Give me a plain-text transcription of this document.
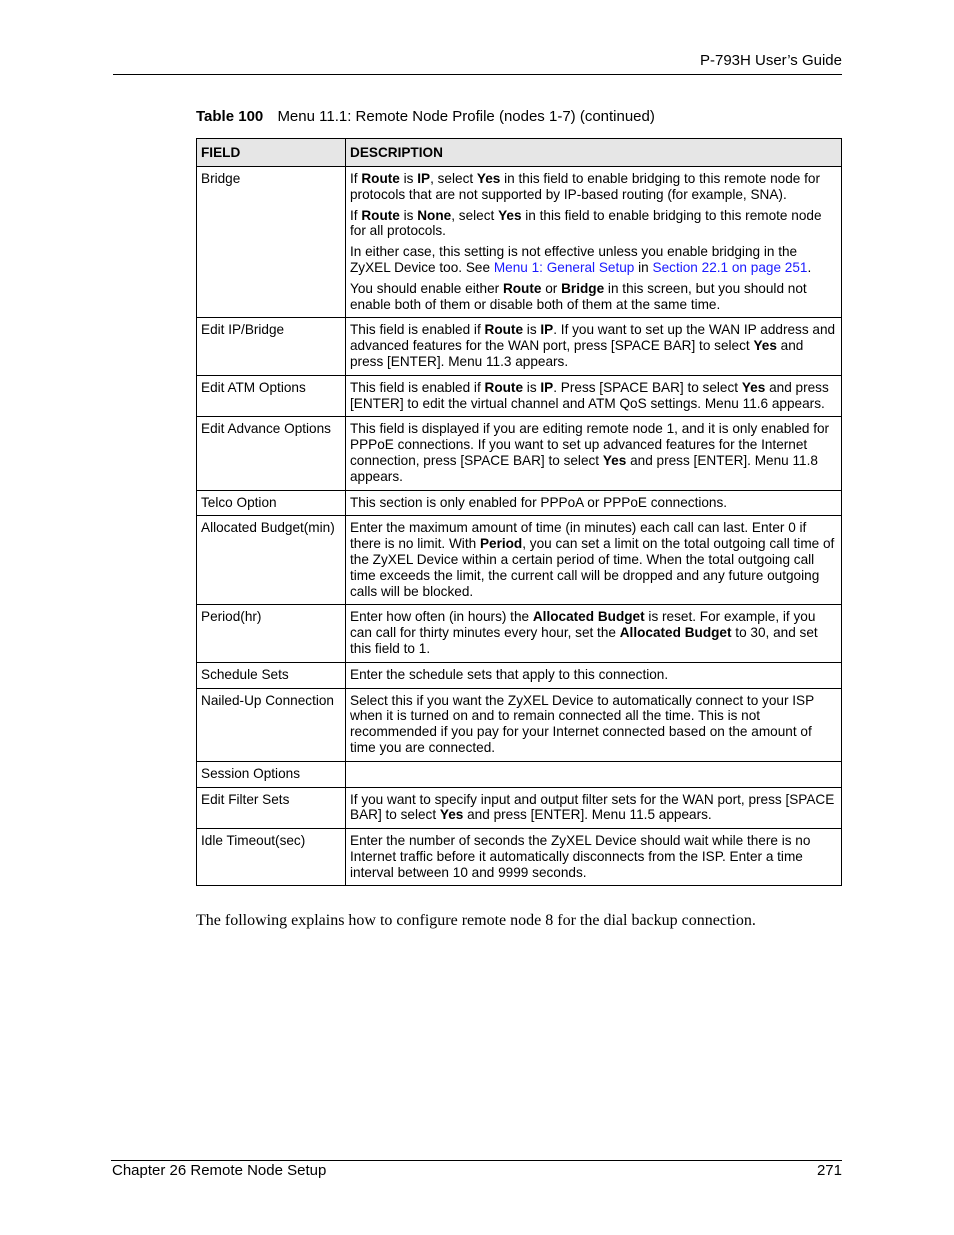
P-793H User’s Guide
Table 100 Menu 11.1: Remote Node Profile (nodes 1-7) (continued)
FIELD	DESCRIPTION
Bridge	If Route is IP, select Yes in this field to enable bridging to this remote node for protocols that are not supported by IP-based routing (for example, SNA).

If Route is None, select Yes in this field to enable bridging to this remote node for all protocols.

In either case, this setting is not effective unless you enable bridging in the ZyXEL Device too. See Menu 1: General Setup in Section 22.1 on page 251.

You should enable either Route or Bridge in this screen, but you should not enable both of them or disable both of them at the same time.

Edit IP/Bridge	This field is enabled if Route is IP. If you want to set up the WAN IP address and advanced features for the WAN port, press [SPACE BAR] to select Yes and press [ENTER]. Menu 11.3 appears.

Edit ATM Options	This field is enabled if Route is IP. Press [SPACE BAR] to select Yes and press [ENTER] to edit the virtual channel and ATM QoS settings. Menu 11.6 appears.

Edit Advance Options	This field is displayed if you are editing remote node 1, and it is only enabled for PPPoE connections. If you want to set up advanced features for the Internet connection, press [SPACE BAR] to select Yes and press [ENTER]. Menu 11.8 appears.

Telco Option	This section is only enabled for PPPoA or PPPoE connections.

Allocated Budget(min)	Enter the maximum amount of time (in minutes) each call can last. Enter 0 if there is no limit. With Period, you can set a limit on the total outgoing call time of the ZyXEL Device within a certain period of time. When the total outgoing call time exceeds the limit, the current call will be dropped and any future outgoing calls will be blocked.

Period(hr)	Enter how often (in hours) the Allocated Budget is reset. For example, if you can call for thirty minutes every hour, set the Allocated Budget to 30, and set this field to 1.

Schedule Sets	Enter the schedule sets that apply to this connection.

Nailed-Up Connection	Select this if you want the ZyXEL Device to automatically connect to your ISP when it is turned on and to remain connected all the time. This is not recommended if you pay for your Internet connected based on the amount of time you are connected.

Session Options	
Edit Filter Sets	If you want to specify input and output filter sets for the WAN port, press [SPACE BAR] to select Yes and press [ENTER]. Menu 11.5 appears.

Idle Timeout(sec)	Enter the number of seconds the ZyXEL Device should wait while there is no Internet traffic before it automatically disconnects from the ISP. Enter a time interval between 10 and 9999 seconds.

The following explains how to configure remote node 8 for the dial backup connection.
Chapter 26 Remote Node Setup	271
